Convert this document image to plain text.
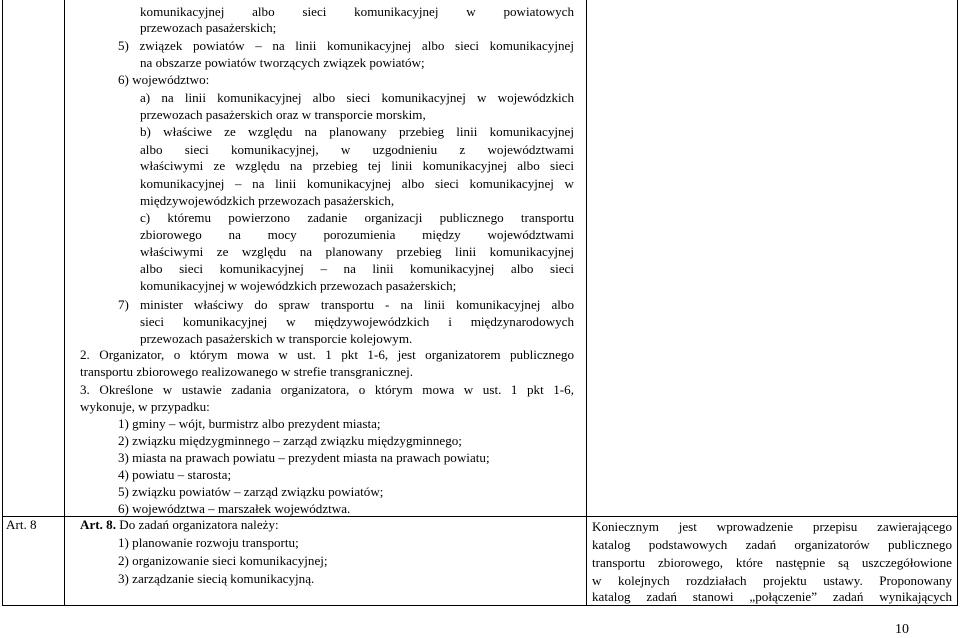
komunikacyjnej albo sieci komunikacyjnej w powiatowych
przewozach pasażerskich;
5) związek powiatów – na linii komunikacyjnej albo sieci komunikacyjnej
na obszarze powiatów tworzących związek powiatów;
6) województwo:
a) na linii komunikacyjnej albo sieci komunikacyjnej w wojewódzkich
przewozach pasażerskich oraz w transporcie morskim,
b) właściwe ze względu na planowany przebieg linii komunikacyjnej
albo sieci komunikacyjnej, w uzgodnieniu z województwami
właściwymi ze względu na przebieg tej linii komunikacyjnej albo sieci
komunikacyjnej – na linii komunikacyjnej albo sieci komunikacyjnej w
międzywojewódzkich przewozach pasażerskich,
c) któremu powierzono zadanie organizacji publicznego transportu
zbiorowego na mocy porozumienia między województwami
właściwymi ze względu na planowany przebieg linii komunikacyjnej
albo sieci komunikacyjnej – na linii komunikacyjnej albo sieci
komunikacyjnej w wojewódzkich przewozach pasażerskich;
7) minister właściwy do spraw transportu - na linii komunikacyjnej albo
sieci komunikacyjnej w międzywojewódzkich i międzynarodowych
przewozach pasażerskich w transporcie kolejowym.
2. Organizator, o którym mowa w ust. 1 pkt 1-6, jest organizatorem publicznego
transportu zbiorowego realizowanego w strefie transgranicznej.
3. Określone w ustawie zadania organizatora, o którym mowa w ust. 1 pkt 1-6,
wykonuje, w przypadku:
1) gminy – wójt, burmistrz albo prezydent miasta;
2) związku międzygminnego – zarząd związku międzygminnego;
3) miasta na prawach powiatu – prezydent miasta na prawach powiatu;
4) powiatu – starosta;
5) związku powiatów – zarząd związku powiatów;
6) województwa – marszałek województwa.
Art. 8	Art. 8. Do zadań organizatora należy:
1) planowanie rozwoju transportu;
2) organizowanie sieci komunikacyjnej;
3) zarządzanie siecią komunikacyjną.
Koniecznym jest wprowadzenie przepisu zawierającego
katalog podstawowych zadań organizatorów publicznego
transportu zbiorowego, które następnie są uszczegółowione
w kolejnych rozdziałach projektu ustawy. Proponowany
katalog zadań stanowi „połączenie” zadań wynikających
10
